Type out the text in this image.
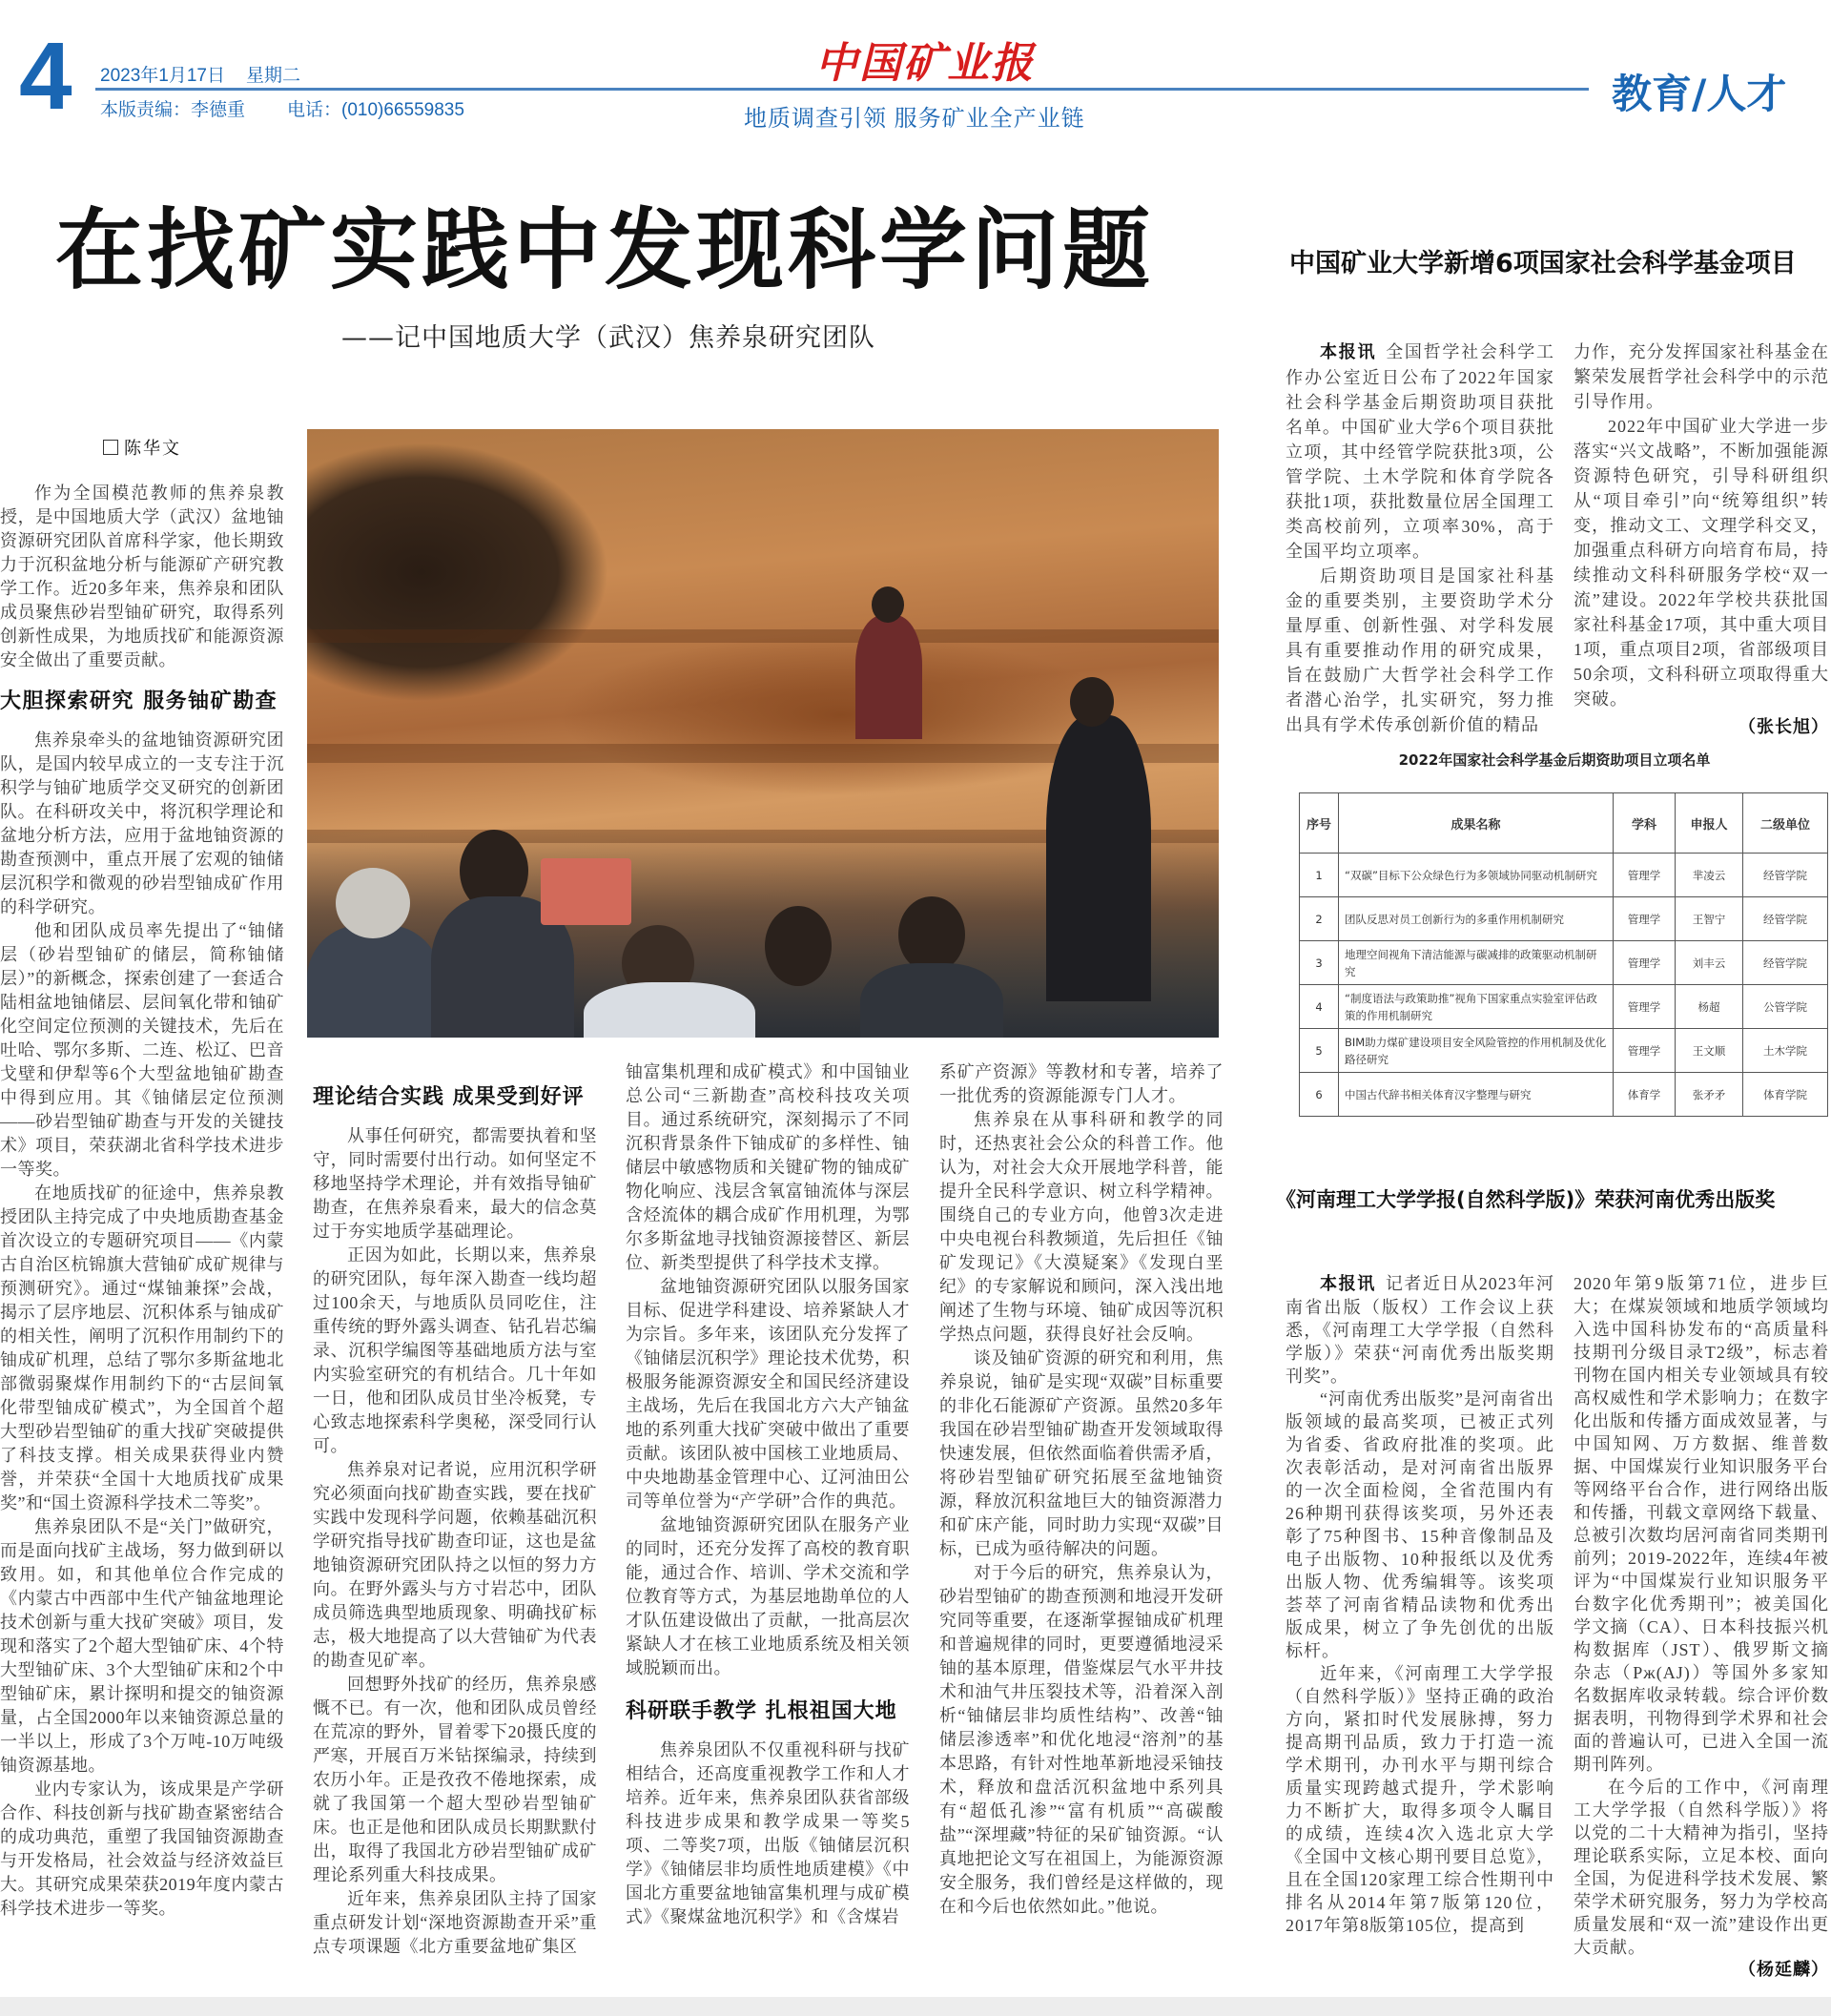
4 2023年1月17日 星期二
本版责编：李德重 电话：(010)66559835
中国矿业报
地质调查引领 服务矿业全产业链
教育/人才
在找矿实践中发现科学问题
——记中国地质大学（武汉）焦养泉研究团队

陈华文

作为全国模范教师的焦养泉教授，是中国地质大学（武汉）盆地铀资源研究团队首席科学家，他长期致力于沉积盆地分析与能源矿产研究教学工作。近20多年来，焦养泉和团队成员聚焦砂岩型铀矿研究，取得系列创新性成果，为地质找矿和能源资源安全做出了重要贡献。

大胆探索研究 服务铀矿勘查

焦养泉牵头的盆地铀资源研究团队，是国内较早成立的一支专注于沉积学与铀矿地质学交叉研究的创新团队。在科研攻关中，将沉积学理论和盆地分析方法，应用于盆地铀资源的勘查预测中，重点开展了宏观的铀储层沉积学和微观的砂岩型铀成矿作用的科学研究。

他和团队成员率先提出了“铀储层（砂岩型铀矿的储层，简称铀储层）”的新概念，探索创建了一套适合陆相盆地铀储层、层间氧化带和铀矿化空间定位预测的关键技术，先后在吐哈、鄂尔多斯、二连、松辽、巴音戈壁和伊犁等6个大型盆地铀矿勘查中得到应用。其《铀储层定位预测——砂岩型铀矿勘查与开发的关键技术》项目，荣获湖北省科学技术进步一等奖。

在地质找矿的征途中，焦养泉教授团队主持完成了中央地质勘查基金首次设立的专题研究项目——《内蒙古自治区杭锦旗大营铀矿成矿规律与预测研究》。通过“煤铀兼探”会战，揭示了层序地层、沉积体系与铀成矿的相关性，阐明了沉积作用制约下的铀成矿机理，总结了鄂尔多斯盆地北部微弱聚煤作用制约下的“古层间氧化带型铀成矿模式”，为全国首个超大型砂岩型铀矿的重大找矿突破提供了科技支撑。相关成果获得业内赞誉，并荣获“全国十大地质找矿成果奖”和“国土资源科学技术二等奖”。

焦养泉团队不是“关门”做研究，而是面向找矿主战场，努力做到研以致用。如，和其他单位合作完成的《内蒙古中西部中生代产铀盆地理论技术创新与重大找矿突破》项目，发现和落实了2个超大型铀矿床、4个特大型铀矿床、3个大型铀矿床和2个中型铀矿床，累计探明和提交的铀资源量，占全国2000年以来铀资源总量的一半以上，形成了3个万吨-10万吨级铀资源基地。

业内专家认为，该成果是产学研合作、科技创新与找矿勘查紧密结合的成功典范，重塑了我国铀资源勘查与开发格局，社会效益与经济效益巨大。其研究成果荣获2019年度内蒙古科学技术进步一等奖。

理论结合实践 成果受到好评

从事任何研究，都需要执着和坚守，同时需要付出行动。如何坚定不移地坚持学术理论，并有效指导铀矿勘查，在焦养泉看来，最大的信念莫过于夯实地质学基础理论。

正因为如此，长期以来，焦养泉的研究团队，每年深入勘查一线均超过100余天，与地质队员同吃住，注重传统的野外露头调查、钻孔岩芯编录、沉积学编图等基础地质方法与室内实验室研究的有机结合。几十年如一日，他和团队成员甘坐冷板凳，专心致志地探索科学奥秘，深受同行认可。

焦养泉对记者说，应用沉积学研究必须面向找矿勘查实践，要在找矿实践中发现科学问题，依赖基础沉积学研究指导找矿勘查印证，这也是盆地铀资源研究团队持之以恒的努力方向。在野外露头与方寸岩芯中，团队成员筛选典型地质现象、明确找矿标志，极大地提高了以大营铀矿为代表的勘查见矿率。

回想野外找矿的经历，焦养泉感慨不已。有一次，他和团队成员曾经在荒凉的野外，冒着零下20摄氏度的严寒，开展百万米钻探编录，持续到农历小年。正是孜孜不倦地探索，成就了我国第一个超大型砂岩型铀矿床。也正是他和团队成员长期默默付出，取得了我国北方砂岩型铀矿成矿理论系列重大科技成果。

近年来，焦养泉团队主持了国家重点研发计划“深地资源勘查开采”重点专项课题《北方重要盆地矿集区

铀富集机理和成矿模式》和中国铀业总公司“三新勘查”高校科技攻关项目。通过系统研究，深刻揭示了不同沉积背景条件下铀成矿的多样性、铀储层中敏感物质和关键矿物的铀成矿物化响应、浅层含氧富铀流体与深层含烃流体的耦合成矿作用机理，为鄂尔多斯盆地寻找铀资源接替区、新层位、新类型提供了科学技术支撑。

盆地铀资源研究团队以服务国家目标、促进学科建设、培养紧缺人才为宗旨。多年来，该团队充分发挥了《铀储层沉积学》理论技术优势，积极服务能源资源安全和国民经济建设主战场，先后在我国北方六大产铀盆地的系列重大找矿突破中做出了重要贡献。该团队被中国核工业地质局、中央地勘基金管理中心、辽河油田公司等单位誉为“产学研”合作的典范。

盆地铀资源研究团队在服务产业的同时，还充分发挥了高校的教育职能，通过合作、培训、学术交流和学位教育等方式，为基层地勘单位的人才队伍建设做出了贡献，一批高层次紧缺人才在核工业地质系统及相关领域脱颖而出。

科研联手教学 扎根祖国大地

焦养泉团队不仅重视科研与找矿相结合，还高度重视教学工作和人才培养。近年来，焦养泉团队获省部级科技进步成果和教学成果一等奖5项、二等奖7项，出版《铀储层沉积学》《铀储层非均质性地质建模》《中国北方重要盆地铀富集机理与成矿模式》《聚煤盆地沉积学》和《含煤岩

系矿产资源》等教材和专著，培养了一批优秀的资源能源专门人才。

焦养泉在从事科研和教学的同时，还热衷社会公众的科普工作。他认为，对社会大众开展地学科普，能提升全民科学意识、树立科学精神。围绕自己的专业方向，他曾3次走进中央电视台科教频道，先后担任《铀矿发现记》《大漠疑案》《发现白垩纪》的专家解说和顾问，深入浅出地阐述了生物与环境、铀矿成因等沉积学热点问题，获得良好社会反响。

谈及铀矿资源的研究和利用，焦养泉说，铀矿是实现“双碳”目标重要的非化石能源矿产资源。虽然20多年我国在砂岩型铀矿勘查开发领域取得快速发展，但依然面临着供需矛盾，将砂岩型铀矿研究拓展至盆地铀资源，释放沉积盆地巨大的铀资源潜力和矿床产能，同时助力实现“双碳”目标，已成为亟待解决的问题。

对于今后的研究，焦养泉认为，砂岩型铀矿的勘查预测和地浸开发研究同等重要，在逐渐掌握铀成矿机理和普遍规律的同时，更要遵循地浸采铀的基本原理，借鉴煤层气水平井技术和油气井压裂技术等，沿着深入剖析“铀储层非均质性结构”、改善“铀储层渗透率”和优化地浸“溶剂”的基本思路，有针对性地革新地浸采铀技术，释放和盘活沉积盆地中系列具有“超低孔渗”“富有机质”“高碳酸盐”“深埋藏”特征的呆矿铀资源。“认真地把论文写在祖国上，为能源资源安全服务，我们曾经是这样做的，现在和今后也依然如此。”他说。

中国矿业大学新增6项国家社会科学基金项目

本报讯 全国哲学社会科学工作办公室近日公布了2022年国家社会科学基金后期资助项目获批名单。中国矿业大学6个项目获批立项，其中经管学院获批3项，公管学院、土木学院和体育学院各获批1项，获批数量位居全国理工类高校前列，立项率30%，高于全国平均立项率。

后期资助项目是国家社科基金的重要类别，主要资助学术分量厚重、创新性强、对学科发展具有重要推动作用的研究成果，旨在鼓励广大哲学社会科学工作者潜心治学，扎实研究，努力推出具有学术传承创新价值的精品

力作，充分发挥国家社科基金在繁荣发展哲学社会科学中的示范引导作用。

2022年中国矿业大学进一步落实“兴文战略”，不断加强能源资源特色研究，引导科研组织从“项目牵引”向“统筹组织”转变，推动文工、文理学科交叉，加强重点科研方向培育布局，持续推动文科科研服务学校“双一流”建设。2022年学校共获批国家社科基金17项，其中重大项目1项，重点项目2项，省部级项目50余项，文科科研立项取得重大突破。

（张长旭）

2022年国家社会科学基金后期资助项目立项名单
序号	成果名称	学科	申报人	二级单位
1	“双碳”目标下公众绿色行为多领域协同驱动机制研究	管理学	芈凌云	经管学院
2	团队反思对员工创新行为的多重作用机制研究	管理学	王智宁	经管学院
3	地理空间视角下清洁能源与碳减排的政策驱动机制研究	管理学	刘丰云	经管学院
4	“制度语法与政策助推”视角下国家重点实验室评估政策的作用机制研究	管理学	杨超	公管学院
5	BIM助力煤矿建设项目安全风险管控的作用机制及优化路径研究	管理学	王文顺	土木学院
6	中国古代辞书相关体育汉字整理与研究	体育学	张矛矛	体育学院
《河南理工大学学报(自然科学版)》荣获河南优秀出版奖

本报讯 记者近日从2023年河南省出版（版权）工作会议上获悉，《河南理工大学学报（自然科学版）》荣获“河南优秀出版奖期刊奖”。

“河南优秀出版奖”是河南省出版领域的最高奖项，已被正式列为省委、省政府批准的奖项。此次表彰活动，是对河南省出版界的一次全面检阅，全省范围内有26种期刊获得该奖项，另外还表彰了75种图书、15种音像制品及电子出版物、10种报纸以及优秀出版人物、优秀编辑等。该奖项荟萃了河南省精品读物和优秀出版成果，树立了争先创优的出版标杆。

近年来，《河南理工大学学报（自然科学版）》坚持正确的政治方向，紧扣时代发展脉搏，努力提高期刊品质，致力于打造一流学术期刊，办刊水平与期刊综合质量实现跨越式提升，学术影响力不断扩大，取得多项令人瞩目的成绩，连续4次入选北京大学《全国中文核心期刊要目总览》，且在全国120家理工综合性期刊中排名从2014年第7版第120位，2017年第8版第105位，提高到

2020年第9版第71位，进步巨大；在煤炭领域和地质学领域均入选中国科协发布的“高质量科技期刊分级目录T2级”，标志着刊物在国内相关专业领域具有较高权威性和学术影响力；在数字化出版和传播方面成效显著，与中国知网、万方数据、维普数据、中国煤炭行业知识服务平台等网络平台合作，进行网络出版和传播，刊载文章网络下载量、总被引次数均居河南省同类期刊前列；2019-2022年，连续4年被评为“中国煤炭行业知识服务平台数字化优秀期刊”；被美国化学文摘（CA）、日本科技振兴机构数据库（JST）、俄罗斯文摘杂志（Рж(AJ)）等国外多家知名数据库收录转载。综合评价数据表明，刊物得到学术界和社会面的普遍认可，已进入全国一流期刊阵列。

在今后的工作中，《河南理工大学学报（自然科学版）》将以党的二十大精神为指引，坚持理论联系实际，立足本校、面向全国，为促进科学技术发展、繁荣学术研究服务，努力为学校高质量发展和“双一流”建设作出更大贡献。

（杨延麟）
